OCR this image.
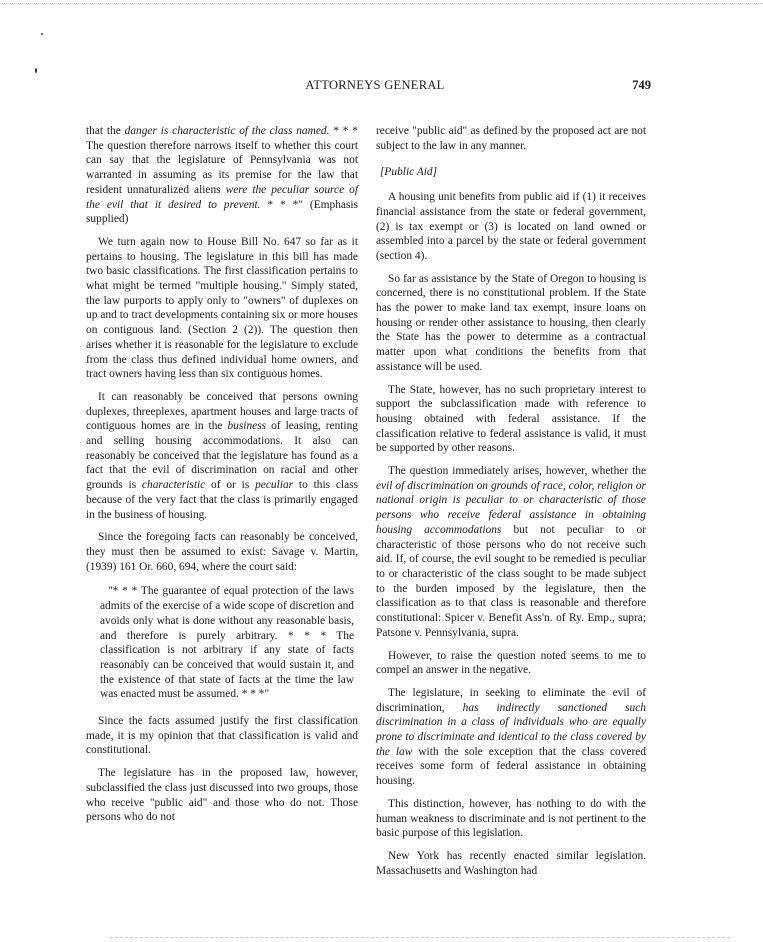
ATTORNEYS GENERAL	749

that the danger is characteristic of the class named. * * * The question therefore narrows itself to whether this court can say that the legislature of Pennsylvania was not warranted in assuming as its premise for the law that resident unnaturalized aliens were the peculiar source of the evil that it desired to prevent. * * *" (Emphasis supplied)

We turn again now to House Bill No. 647 so far as it pertains to housing. The legislature in this bill has made two basic classifications. The first classification pertains to what might be termed "multiple housing." Simply stated, the law purports to apply only to "owners" of duplexes on up and to tract developments containing six or more houses on contiguous land. (Section 2 (2)). The question then arises whether it is reasonable for the legislature to exclude from the class thus defined individual home owners, and tract owners having less than six contiguous homes.

It can reasonably be conceived that persons owning duplexes, threeplexes, apartment houses and large tracts of contiguous homes are in the business of leasing, renting and selling housing accommodations. It also can reasonably be conceived that the legislature has found as a fact that the evil of discrimination on racial and other grounds is characteristic of or is peculiar to this class because of the very fact that the class is primarily engaged in the business of housing.

Since the foregoing facts can reasonably be conceived, they must then be assumed to exist: Savage v. Martin, (1939) 161 Or. 660, 694, where the court said:

"* * * The guarantee of equal protection of the laws admits of the exercise of a wide scope of discretion and avoids only what is done without any reasonable basis, and therefore is purely arbitrary. * * * The classification is not arbitrary if any state of facts reasonably can be conceived that would sustain it, and the existence of that state of facts at the time the law was enacted must be assumed. * * *"

Since the facts assumed justify the first classification made, it is my opinion that that classification is valid and constitutional.

The legislature has in the proposed law, however, subclassified the class just discussed into two groups, those who receive "public aid" and those who do not. Those persons who do not

receive "public aid" as defined by the proposed act are not subject to the law in any manner.

[Public Aid]

A housing unit benefits from public aid if (1) it receives financial assistance from the state or federal government, (2) is tax exempt or (3) is located on land owned or assembled into a parcel by the state or federal government (section 4).

So far as assistance by the State of Oregon to housing is concerned, there is no constitutional problem. If the State has the power to make land tax exempt, insure loans on housing or render other assistance to housing, then clearly the State has the power to determine as a contractual matter upon what conditions the benefits from that assistance will be used.

The State, however, has no such proprietary interest to support the subclassification made with reference to housing obtained with federal assistance. If the classification relative to federal assistance is valid, it must be supported by other reasons.

The question immediately arises, however, whether the evil of discrimination on grounds of race, color, religion or national origin is peculiar to or characteristic of those persons who receive federal assistance in obtaining housing accommodations but not peculiar to or characteristic of those persons who do not receive such aid. If, of course, the evil sought to be remedied is peculiar to or characteristic of the class sought to be made subject to the burden imposed by the legislature, then the classification as to that class is reasonable and therefore constitutional: Spicer v. Benefit Ass'n. of Ry. Emp., supra; Patsone v. Pennsylvania, supra.

However, to raise the question noted seems to me to compel an answer in the negative.

The legislature, in seeking to eliminate the evil of discrimination, has indirectly sanctioned such discrimination in a class of individuals who are equally prone to discriminate and identical to the class covered by the law with the sole exception that the class covered receives some form of federal assistance in obtaining housing.

This distinction, however, has nothing to do with the human weakness to discriminate and is not pertinent to the basic purpose of this legislation.

New York has recently enacted similar legislation. Massachusetts and Washington had
